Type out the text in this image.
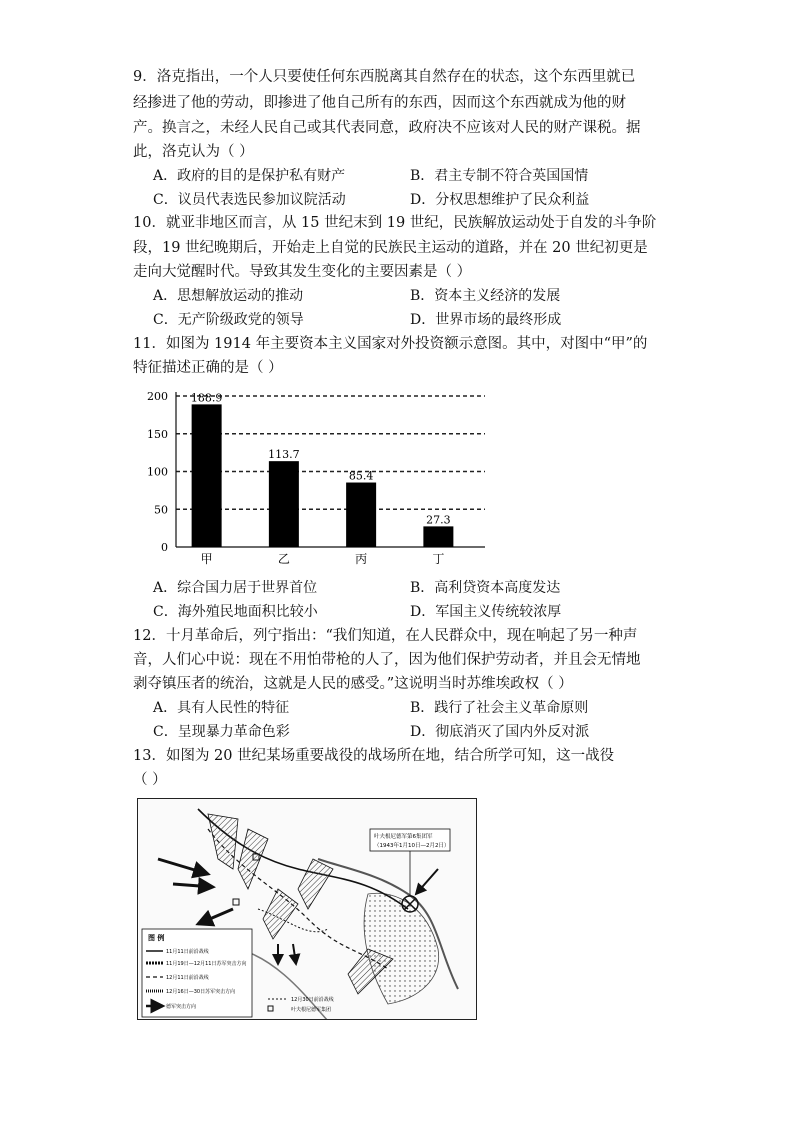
9．洛克指出，一个人只要使任何东西脱离其自然存在的状态，这个东西里就已
经掺进了他的劳动，即掺进了他自己所有的东西，因而这个东西就成为他的财
产。换言之，未经人民自己或其代表同意，政府决不应该对人民的财产课税。据
此，洛克认为（ ）
A．政府的目的是保护私有财产	B．君主专制不符合英国国情
C．议员代表选民参加议院活动	D．分权思想维护了民众利益
10．就亚非地区而言，从 15 世纪末到 19 世纪，民族解放运动处于自发的斗争阶
段，19 世纪晚期后，开始走上自觉的民族民主运动的道路，并在 20 世纪初更是
走向大觉醒时代。导致其发生变化的主要因素是（ ）
A．思想解放运动的推动	B．资本主义经济的发展
C．无产阶级政党的领导	D．世界市场的最终形成
11．如图为 1914 年主要资本主义国家对外投资额示意图。其中，对图中“甲”的
特征描述正确的是（ ）
0
50
100
150
200 188.9
甲
113.7
乙
85.4
丙
27.3
丁
A．综合国力居于世界首位	B．高利贷资本高度发达
C．海外殖民地面积比较小	D．军国主义传统较浓厚
12．十月革命后，列宁指出：“我们知道，在人民群众中，现在响起了另一种声
音，人们心中说：现在不用怕带枪的人了，因为他们保护劳动者，并且会无情地
剥夺镇压者的统治，这就是人民的感受。”这说明当时苏维埃政权（ ）
A．具有人民性的特征	B．践行了社会主义革命原则
C．呈现暴力革命色彩	D．彻底消灭了国内外反对派
13．如图为 20 世纪某场重要战役的战场所在地，结合所学可知，这一战役
（ ）
叶夫根尼德军第6集团军
（1943年1月10日—2月2日）
图 例
11月11日前沿战线
11月19日—12月11日苏军突击方向
12月11日前沿战线
12月16日—30日苏军突击方向
德军突击方向
12月30日前沿战线
叶夫根尼德军集团
